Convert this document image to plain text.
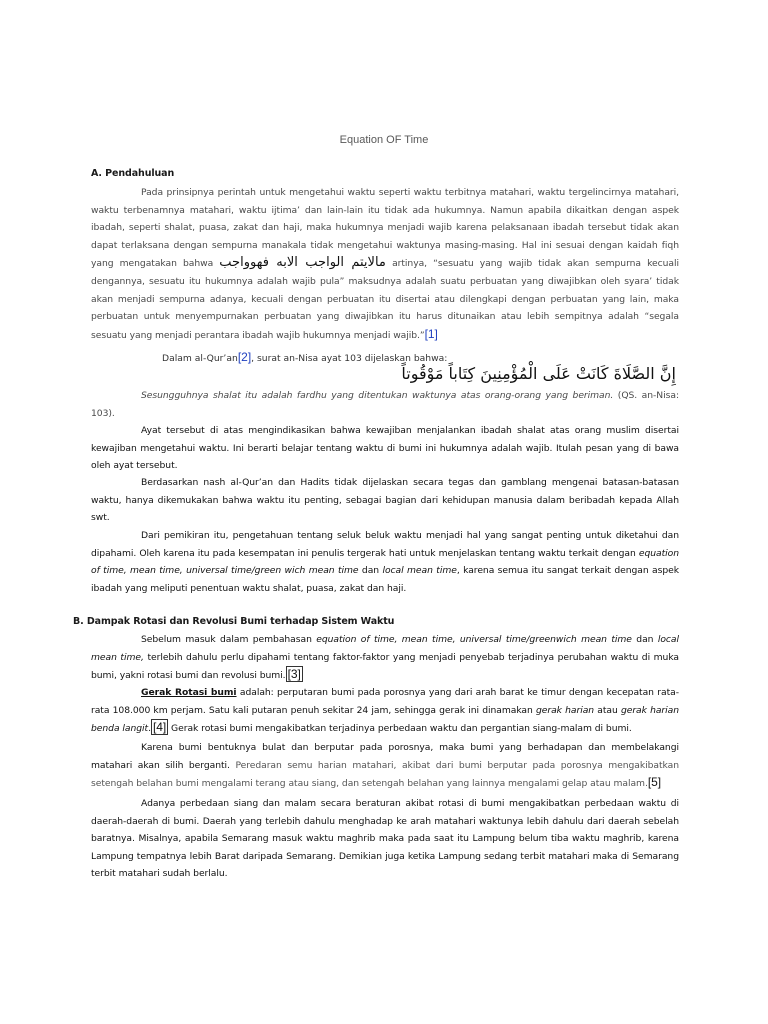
Equation OF Time
A. Pendahuluan
Pada prinsipnya perintah untuk mengetahui waktu seperti waktu terbitnya matahari, waktu tergelincirnya matahari, waktu terbenamnya matahari, waktu ijtima’ dan lain-lain itu tidak ada hukumnya. Namun apabila dikaitkan dengan aspek ibadah, seperti shalat, puasa, zakat dan haji, maka hukumnya menjadi wajib karena pelaksanaan ibadah tersebut tidak akan dapat terlaksana dengan sempurna manakala tidak mengetahui waktunya masing-masing. Hal ini sesuai dengan kaidah fiqh yang mengatakan bahwa مالايتم الواجب الابه فهوواجب artinya, “sesuatu yang wajib tidak akan sempurna kecuali dengannya, sesuatu itu hukumnya adalah wajib pula” maksudnya adalah suatu perbuatan yang diwajibkan oleh syara’ tidak akan menjadi sempurna adanya, kecuali dengan perbuatan itu disertai atau dilengkapi dengan perbuatan yang lain, maka perbuatan untuk menyempurnakan perbuatan yang diwajibkan itu harus ditunaikan atau lebih sempitnya adalah “segala sesuatu yang menjadi perantara ibadah wajib hukumnya menjadi wajib.”[1]
Dalam al-Qur’an[2], surat an-Nisa ayat 103 dijelaskan bahwa:
إِنَّ الصَّلَاةَ كَانَتْ عَلَى الْمُؤْمِنِينَ كِتَاباً مَوْقُوتاً
Sesungguhnya shalat itu adalah fardhu yang ditentukan waktunya atas orang-orang yang beriman. (QS. an-Nisa: 103).
Ayat tersebut di atas mengindikasikan bahwa kewajiban menjalankan ibadah shalat atas orang muslim disertai kewajiban mengetahui waktu. Ini berarti belajar tentang waktu di bumi ini hukumnya adalah wajib. Itulah pesan yang di bawa oleh ayat tersebut.
Berdasarkan nash al-Qur’an dan Hadits tidak dijelaskan secara tegas dan gamblang mengenai batasan-batasan waktu, hanya dikemukakan bahwa waktu itu penting, sebagai bagian dari kehidupan manusia dalam beribadah kepada Allah swt.
Dari pemikiran itu, pengetahuan tentang seluk beluk waktu menjadi hal yang sangat penting untuk diketahui dan dipahami. Oleh karena itu pada kesempatan ini penulis tergerak hati untuk menjelaskan tentang waktu terkait dengan equation of time, mean time, universal time/green wich mean time dan local mean time, karena semua itu sangat terkait dengan aspek ibadah yang meliputi penentuan waktu shalat, puasa, zakat dan haji.
B. Dampak Rotasi dan Revolusi Bumi terhadap Sistem Waktu
Sebelum masuk dalam pembahasan equation of time, mean time, universal time/greenwich mean time dan local mean time, terlebih dahulu perlu dipahami tentang faktor-faktor yang menjadi penyebab terjadinya perubahan waktu di muka bumi, yakni rotasi bumi dan revolusi bumi. [3]
Gerak Rotasi bumi adalah: perputaran bumi pada porosnya yang dari arah barat ke timur dengan kecepatan rata-rata 108.000 km perjam. Satu kali putaran penuh sekitar 24 jam, sehingga gerak ini dinamakan gerak harian atau gerak harian benda langit. [4] Gerak rotasi bumi mengakibatkan terjadinya perbedaan waktu dan pergantian siang-malam di bumi.
Karena bumi bentuknya bulat dan berputar pada porosnya, maka bumi yang berhadapan dan membelakangi matahari akan silih berganti. Peredaran semu harian matahari, akibat dari bumi berputar pada porosnya mengakibatkan setengah belahan bumi mengalami terang atau siang, dan setengah belahan yang lainnya mengalami gelap atau malam.[5]
Adanya perbedaan siang dan malam secara beraturan akibat rotasi di bumi mengakibatkan perbedaan waktu di daerah-daerah di bumi. Daerah yang terlebih dahulu menghadap ke arah matahari waktunya lebih dahulu dari daerah sebelah baratnya. Misalnya, apabila Semarang masuk waktu maghrib maka pada saat itu Lampung belum tiba waktu maghrib, karena Lampung tempatnya lebih Barat daripada Semarang. Demikian juga ketika Lampung sedang terbit matahari maka di Semarang terbit matahari sudah berlalu.
